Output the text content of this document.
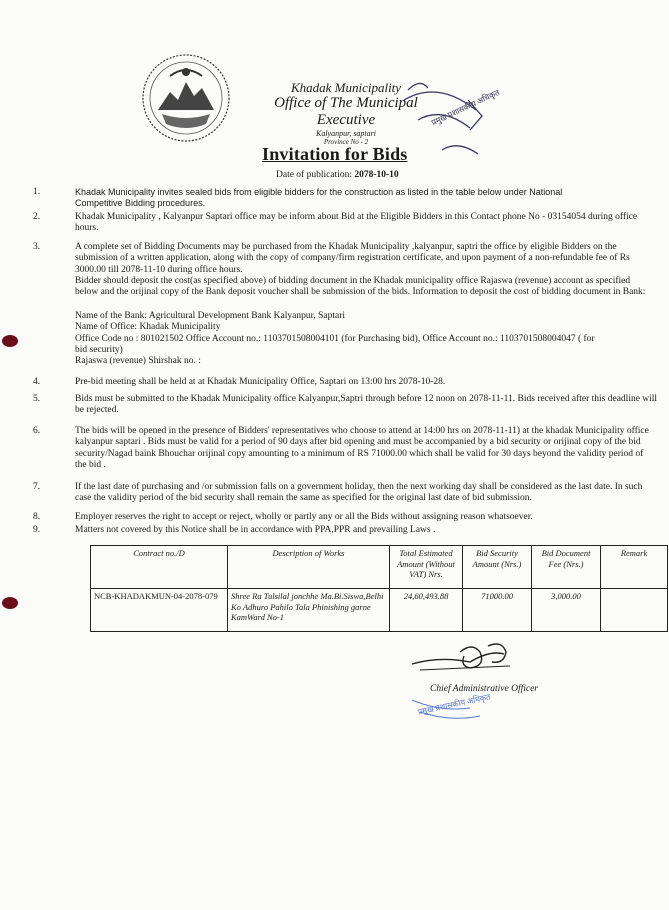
Khadak Municipality
Office of The Municipal Executive
Kalyanpur, saptari
Province No - 2
प्रमुख प्रशासकीय अधिकृत
Invitation for Bids
Date of publication: 2078-10-10
1.	Khadak Municipality invites sealed bids from eligible bidders for the construction as listed in the table below under National
Competitive Bidding procedures.
2.	Khadak Municipality , Kalyanpur Saptari office may be inform about Bid at the Eligible Bidders in this Contact phone No - 03154054 during office
hours.
3.	A complete set of Bidding Documents may be purchased from the Khadak Municipality ,kalyanpur, saptri the office by eligible Bidders on the
submission of a written application, along with the copy of company/firm registration certificate, and upon payment of a non-refundable fee of Rs
3000.00 till 2078-11-10 during office hours.
Bidder should deposit the cost(as specified above) of bidding document in the Khadak municipality office Rajaswa (revenue) account as specified
below and the orijinal copy of the Bank deposit voucher shall be submission of the bids. Information to deposit the cost of bidding document in Bank:
Name of the Bank: Agricultural Development Bank Kalyanpur, Saptari
Name of Office: Khadak Municipality
Office Code no : 801021502 Office Account no.: 1103701508004101 (for Purchasing bid), Office Account no.: 1103701508004047 ( for
bid security)
Rajaswa (revenue) Shirshak no. :
4.	Pre-bid meeting shall be held at at Khadak Municipality Office, Saptari on 13:00 hrs 2078-10-28.
5.	Bids must be submitted to the Khadak Municipality office Kalyanpur,Saptri through before 12 noon on 2078-11-11. Bids received after this deadline will
be rejected.
6.	The bids will be opened in the presence of Bidders' representatives who choose to attend at 14:00 hrs on 2078-11-11) at the khadak Municipality office
kalyanpur saptari . Bids must be valid for a period of 90 days after bid opening and must be accompanied by a bid security or orijinal copy of the bid
security/Nagad baink Bhouchar orijinal copy amounting to a minimum of RS 71000.00 which shall be valid for 30 days beyond the validity period of
the bid .
7.	If the last date of purchasing and /or submission falls on a government holiday, then the next working day shall be considered as the last date. In such
case the validity period of the bid security shall remain the same as specified for the original last date of bid submission.
8.	Employer reserves the right to accept or reject, wholly or partly any or all the Bids without assigning reason whatsoever.
9.	Matters not covered by this Notice shall be in accordance with PPA,PPR and prevailing Laws .
Contract no./D	Description of Works	Total Estimated Amount (Without VAT) Nrs.	Bid Security Amount (Nrs.)	Bid Document Fee (Nrs.)	Remark
NCB-KHADAKMUN-04-2078-079	Shree Ra Tulsilal jonchhe Ma.Bi.Siswa,Belhi Ko Adhuro Pahilo Tala Phinishing garne KamWard No-1	24,60,493.88	71000.00	3,000.00	
प्रमुख प्रशासकीय अधिकृत
Chief Administrative Officer
